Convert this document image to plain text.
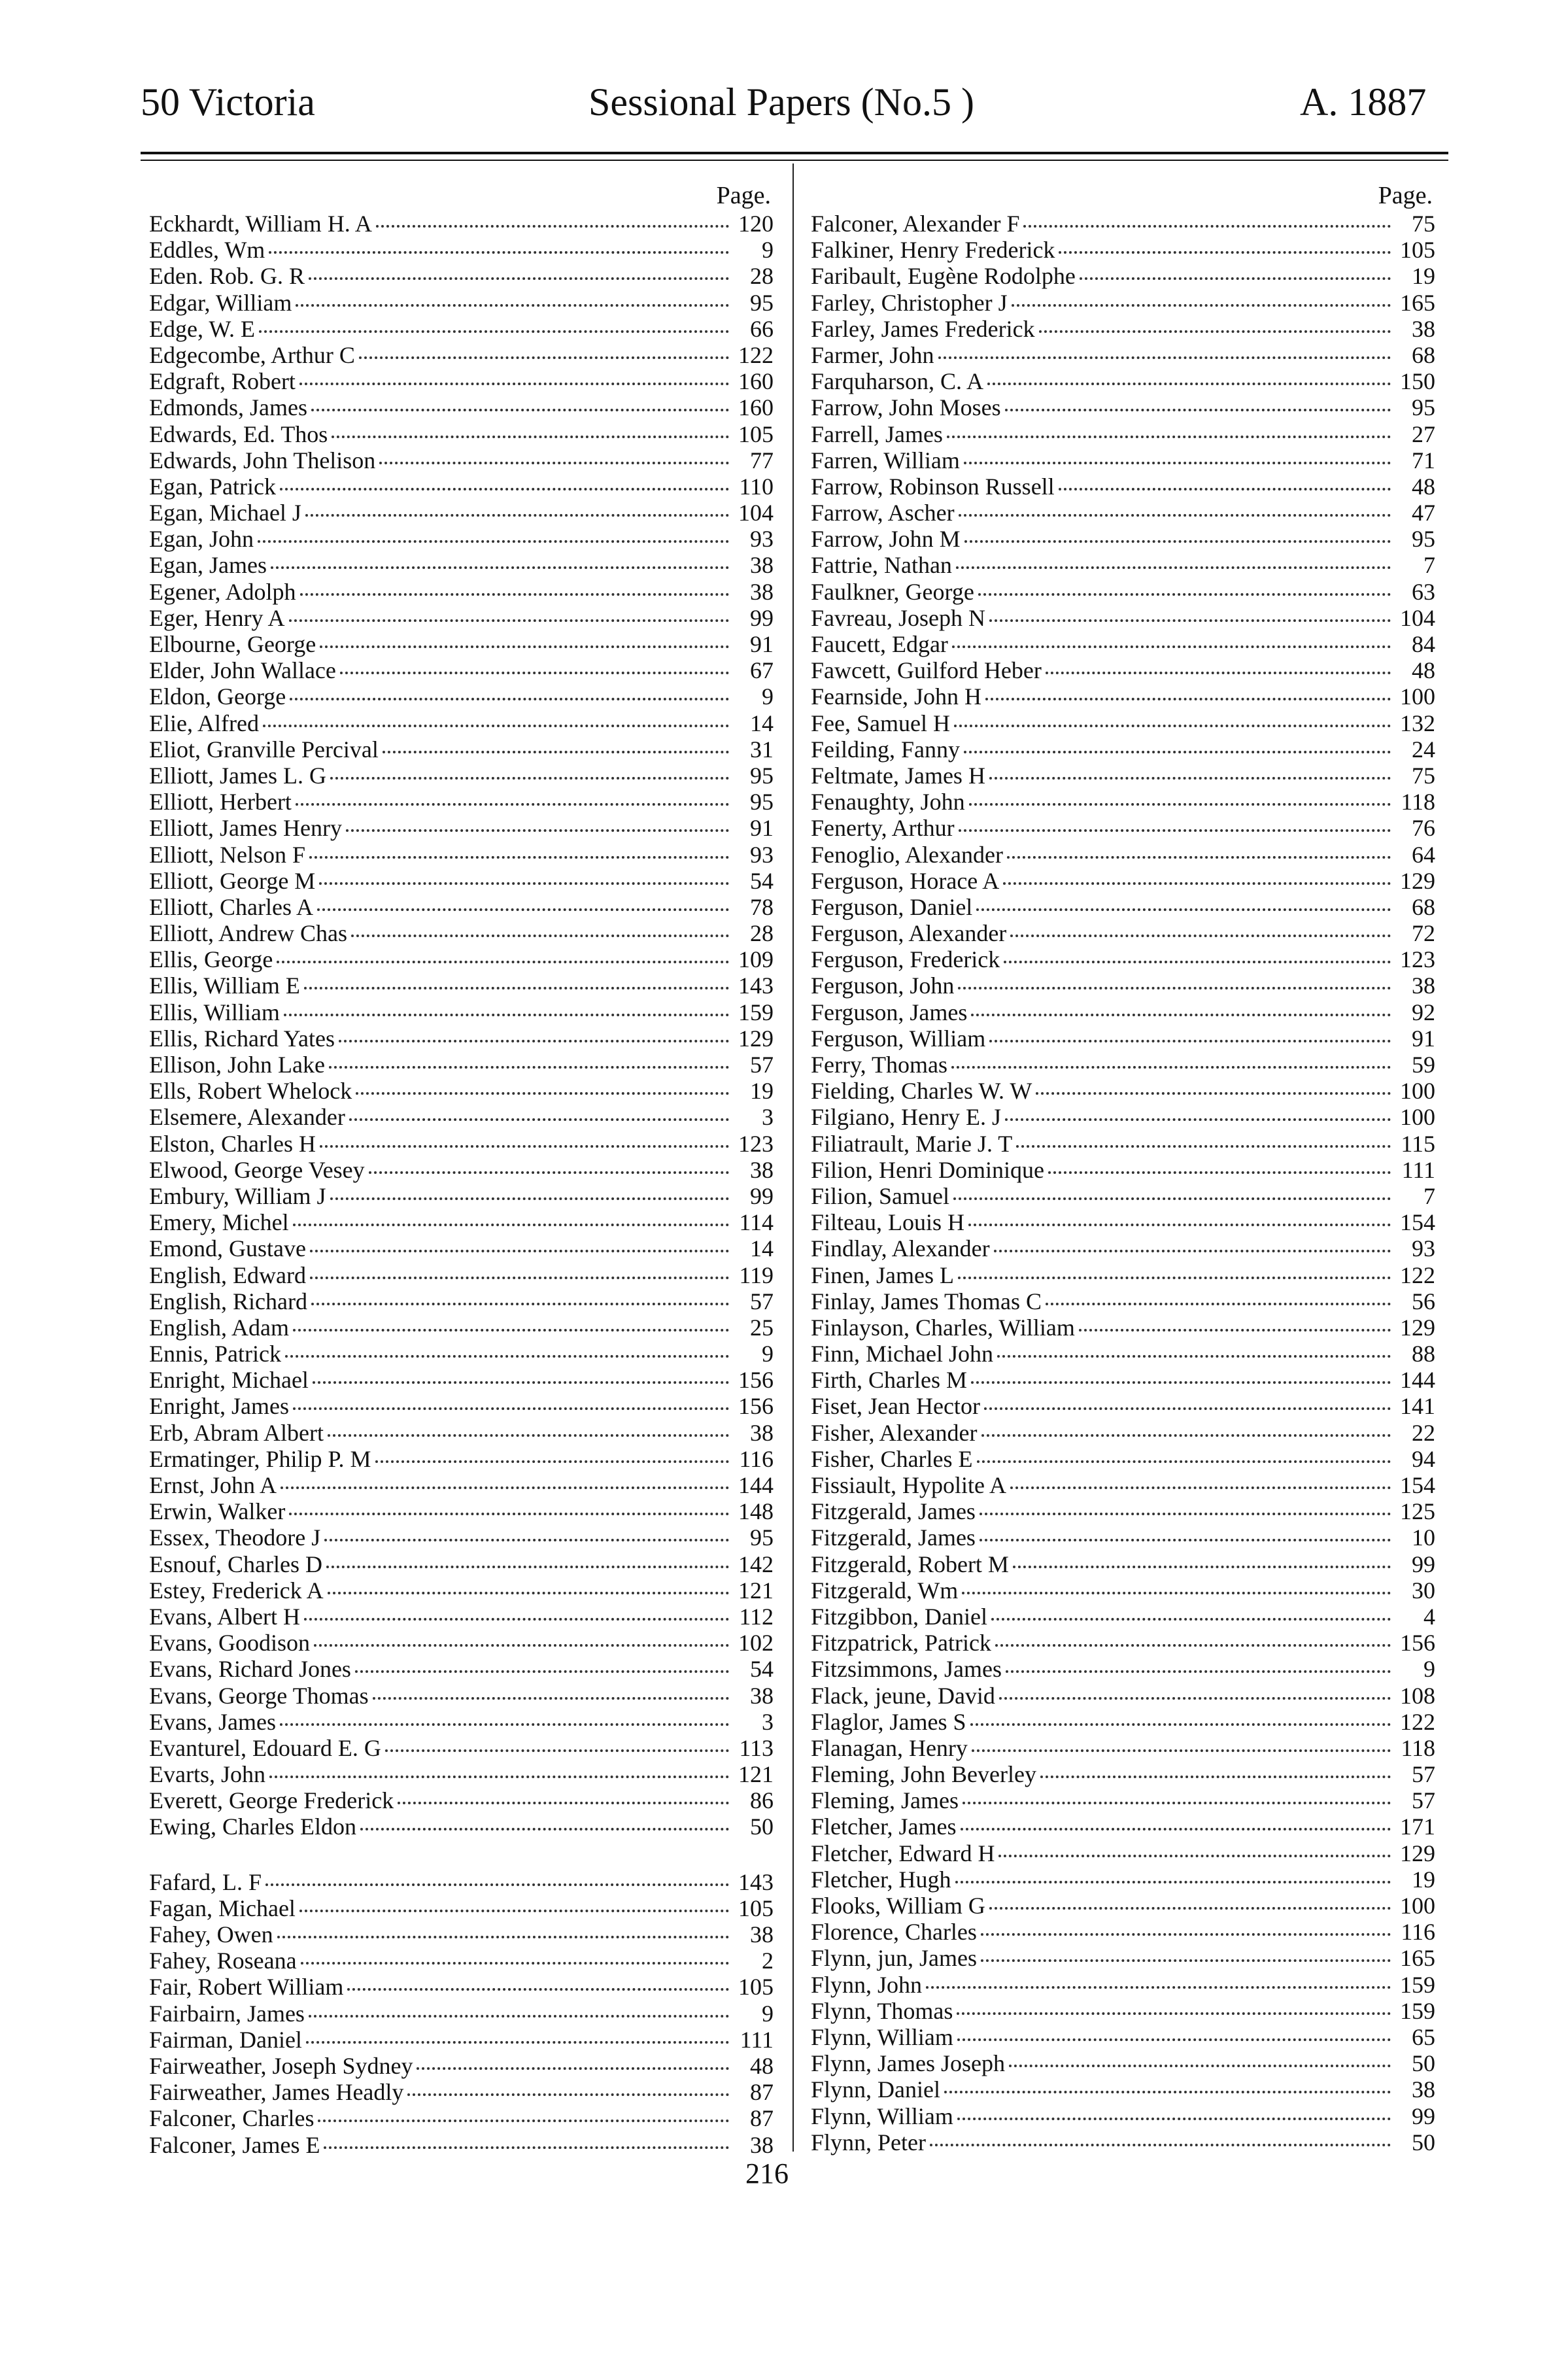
50 Victoria	Sessional Papers (No.5 )	A. 1887
Page.
Eckhardt, William H. A	120
Eddles, Wm	9
Eden. Rob. G. R	28
Edgar, William	95
Edge, W. E	66
Edgecombe, Arthur C	122
Edgraft, Robert	160
Edmonds, James	160
Edwards, Ed. Thos	105
Edwards, John Thelison	77
Egan, Patrick	110
Egan, Michael J	104
Egan, John	93
Egan, James	38
Egener, Adolph	38
Eger, Henry A	99
Elbourne, George	91
Elder, John Wallace	67
Eldon, George	9
Elie, Alfred	14
Eliot, Granville Percival	31
Elliott, James L. G	95
Elliott, Herbert	95
Elliott, James Henry	91
Elliott, Nelson F	93
Elliott, George M	54
Elliott, Charles A	78
Elliott, Andrew Chas	28
Ellis, George	109
Ellis, William E	143
Ellis, William	159
Ellis, Richard Yates	129
Ellison, John Lake	57
Ells, Robert Whelock	19
Elsemere, Alexander	3
Elston, Charles H	123
Elwood, George Vesey	38
Embury, William J	99
Emery, Michel	114
Emond, Gustave	14
English, Edward	119
English, Richard	57
English, Adam	25
Ennis, Patrick	9
Enright, Michael	156
Enright, James	156
Erb, Abram Albert	38
Ermatinger, Philip P. M	116
Ernst, John A	144
Erwin, Walker	148
Essex, Theodore J	95
Esnouf, Charles D	142
Estey, Frederick A	121
Evans, Albert H	112
Evans, Goodison	102
Evans, Richard Jones	54
Evans, George Thomas	38
Evans, James	3
Evanturel, Edouard E. G	113
Evarts, John	121
Everett, George Frederick	86
Ewing, Charles Eldon	50
Fafard, L. F	143
Fagan, Michael	105
Fahey, Owen	38
Fahey, Roseana	2
Fair, Robert William	105
Fairbairn, James	9
Fairman, Daniel	111
Fairweather, Joseph Sydney	48
Fairweather, James Headly	87
Falconer, Charles	87
Falconer, James E	38
Page.
Falconer, Alexander F	75
Falkiner, Henry Frederick	105
Faribault, Eugène Rodolphe	19
Farley, Christopher J	165
Farley, James Frederick	38
Farmer, John	68
Farquharson, C. A	150
Farrow, John Moses	95
Farrell, James	27
Farren, William	71
Farrow, Robinson Russell	48
Farrow, Ascher	47
Farrow, John M	95
Fattrie, Nathan	7
Faulkner, George	63
Favreau, Joseph N	104
Faucett, Edgar	84
Fawcett, Guilford Heber	48
Fearnside, John H	100
Fee, Samuel H	132
Feilding, Fanny	24
Feltmate, James H	75
Fenaughty, John	118
Fenerty, Arthur	76
Fenoglio, Alexander	64
Ferguson, Horace A	129
Ferguson, Daniel	68
Ferguson, Alexander	72
Ferguson, Frederick	123
Ferguson, John	38
Ferguson, James	92
Ferguson, William	91
Ferry, Thomas	59
Fielding, Charles W. W	100
Filgiano, Henry E. J	100
Filiatrault, Marie J. T	115
Filion, Henri Dominique	111
Filion, Samuel	7
Filteau, Louis H	154
Findlay, Alexander	93
Finen, James L	122
Finlay, James Thomas C	56
Finlayson, Charles, William	129
Finn, Michael John	88
Firth, Charles M	144
Fiset, Jean Hector	141
Fisher, Alexander	22
Fisher, Charles E	94
Fissiault, Hypolite A	154
Fitzgerald, James	125
Fitzgerald, James	10
Fitzgerald, Robert M	99
Fitzgerald, Wm	30
Fitzgibbon, Daniel	4
Fitzpatrick, Patrick	156
Fitzsimmons, James	9
Flack, jeune, David	108
Flaglor, James S	122
Flanagan, Henry	118
Fleming, John Beverley	57
Fleming, James	57
Fletcher, James	171
Fletcher, Edward H	129
Fletcher, Hugh	19
Flooks, William G	100
Florence, Charles	116
Flynn, jun, James	165
Flynn, John	159
Flynn, Thomas	159
Flynn, William	65
Flynn, James Joseph	50
Flynn, Daniel	38
Flynn, William	99
Flynn, Peter	50
216
